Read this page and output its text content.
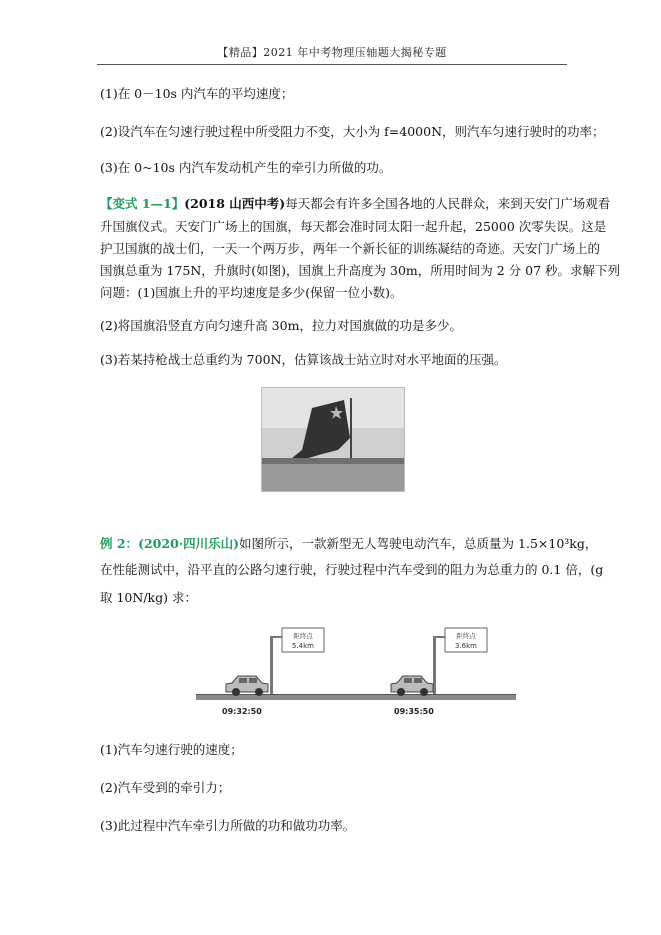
【精品】2021 年中考物理压轴题大揭秘专题
(1)在 0－10s 内汽车的平均速度；
(2)设汽车在匀速行驶过程中所受阻力不变，大小为 f=4000N，则汽车匀速行驶时的功率；
(3)在 0~10s 内汽车发动机产生的牵引力所做的功。
【变式 1—1】(2018 山西中考)每天都会有许多全国各地的人民群众，来到天安门广场观看
升国旗仪式。天安门广场上的国旗，每天都会准时同太阳一起升起，25000 次零失误。这是
护卫国旗的战士们，一天一个两万步，两年一个新长征的训练凝结的奇迹。天安门广场上的
国旗总重为 175N，升旗时(如图)，国旗上升高度为 30m，所用时间为 2 分 07 秒。求解下列
问题：(1)国旗上升的平均速度是多少(保留一位小数)。
(2)将国旗沿竖直方向匀速升高 30m，拉力对国旗做的功是多少。
(3)若某持枪战士总重约为 700N，估算该战士站立时对水平地面的压强。
例 2：(2020·四川乐山)如图所示，一款新型无人驾驶电动汽车，总质量为 1.5×10³kg，
在性能测试中，沿平直的公路匀速行驶，行驶过程中汽车受到的阻力为总重力的 0.1 倍，(g
取 10N/kg) 求：
距终点
5.4km
09:32:50
距终点
3.6km
09:35:50
(1)汽车匀速行驶的速度；
(2)汽车受到的牵引力；
(3)此过程中汽车牵引力所做的功和做功功率。
